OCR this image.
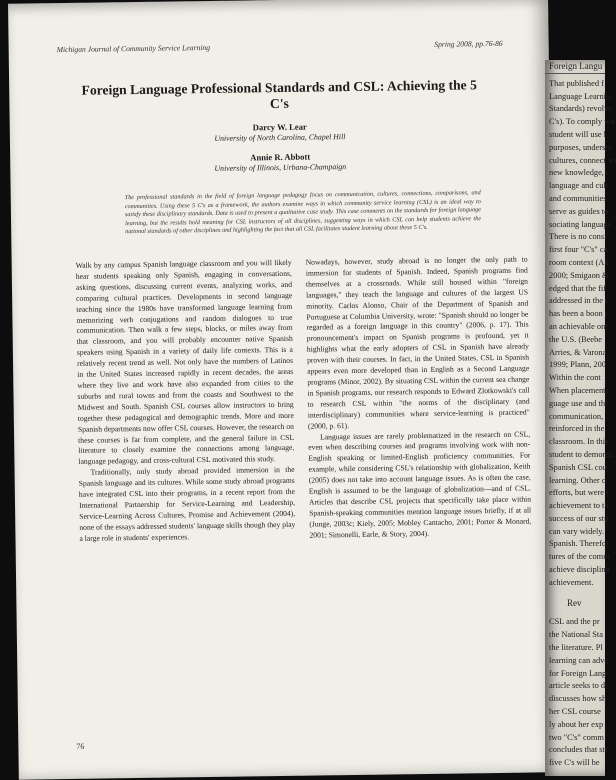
Michigan Journal of Community Service Learning	Spring 2008, pp.76-86
Foreign Language Professional Standards and CSL: Achieving the 5 C's
Darcy W. Lear
University of North Carolina, Chapel Hill
Annie R. Abbott
University of Illinois, Urbana-Champaign
The professional standards in the field of foreign language pedagogy focus on communication, cultures, connections, comparisons, and communities. Using these 5 C's as a framework, the authors examine ways in which community service learning (CSL) is an ideal way to satisfy these disciplinary standards. Data is used to present a qualitative case study. This case comments on the standards for foreign language learning, but the results hold meaning for CSL instructors of all disciplines, suggesting ways in which CSL can help students achieve the national standards of other disciplines and highlighting the fact that all CSL facilitates student learning about these 5 C's.

Walk by any campus Spanish language classroom and you will likely hear students speaking only Spanish, engaging in conversations, asking questions, discussing current events, analyzing works, and comparing cultural practices. Developments in second language teaching since the 1980s have transformed language learning from memorizing verb conjugations and random dialogues to true communication. Then walk a few steps, blocks, or miles away from that classroom, and you will probably encounter native Spanish speakers using Spanish in a variety of daily life contexts. This is a relatively recent trend as well. Not only have the numbers of Latinos in the United States increased rapidly in recent decades, the areas where they live and work have also expanded from cities to the suburbs and rural towns and from the coasts and Southwest to the Midwest and South. Spanish CSL courses allow instructors to bring together these pedagogical and demographic trends. More and more Spanish departments now offer CSL courses. However, the research on these courses is far from complete, and the general failure in CSL literature to closely examine the connections among language, language pedagogy, and cross-cultural CSL motivated this study.

Traditionally, only study abroad provided immersion in the Spanish language and its cultures. While some study abroad programs have integrated CSL into their programs, in a recent report from the International Partnership for Service-Learning and Leadership, Service-Learning Across Cultures, Promise and Achievement (2004), none of the essays addressed students' language skills though they play a large role in students' experiences.

Nowadays, however, study abroad is no longer the only path to immersion for students of Spanish. Indeed, Spanish programs find themselves at a crossroads. While still housed within "foreign languages," they teach the language and cultures of the largest US minority. Carlos Alonso, Chair of the Department of Spanish and Portuguese at Columbia University, wrote: "Spanish should no longer be regarded as a foreign language in this country" (2006, p. 17). This pronouncement's impact on Spanish programs is profound, yet it highlights what the early adopters of CSL in Spanish have already proven with their courses. In fact, in the United States, CSL in Spanish appears even more developed than in English as a Second Language programs (Minor, 2002). By situating CSL within the current sea change in Spanish programs, our research responds to Edward Zlotkowski's call to research CSL within "the norms of the disciplinary (and interdisciplinary) communities where service-learning is practiced" (2000, p. 61).

Language issues are rarely problematized in the research on CSL, even when describing courses and programs involving work with non-English speaking or limited-English proficiency communities. For example, while considering CSL's relationship with globalization, Keith (2005) does not take into account language issues. As is often the case, English is assumed to be the language of globalization—and of CSL. Articles that describe CSL projects that specifically take place within Spanish-speaking communities mention language issues briefly, if at all (Junge, 2003c; Kiely, 2005; Mobley Cantacho, 2001; Porter & Monard, 2001; Simonelli, Earle, & Story, 2004).

76
Foreign Langu
That published f
Language Learnin
Standards) revolve
C's). To comply wit
student will use l
purposes, understa
cultures, connect wi
new knowledge, c
language and cult
and communities.
serve as guides to
sociating language
There is no consi
first four "C's" ca
room context (All
2000; Smigaon &
edged that the fif
addressed in the c
has been a boon t
an achievable one
the U.S. (Beebe
Arries, & Varona
1999; Plann, 200
Within the cont
When placements
guage use and the
communication,
reinforced in the
classroom. In this
student to demonst
Spanish CSL cou
learning. Other c
efforts, but were i
achievement to th
success of our stu
can vary widely.
Spanish. Therefor
tures of the comm
achieve disciplina
achievement.
Rev
CSL and the pr
the National Sta
the literature. Pl
learning can advo
for Foreign Lang
article seeks to d
discusses how sh
her CSL course
ly about her exp
two "C's" comm
concludes that str
five C's will be
